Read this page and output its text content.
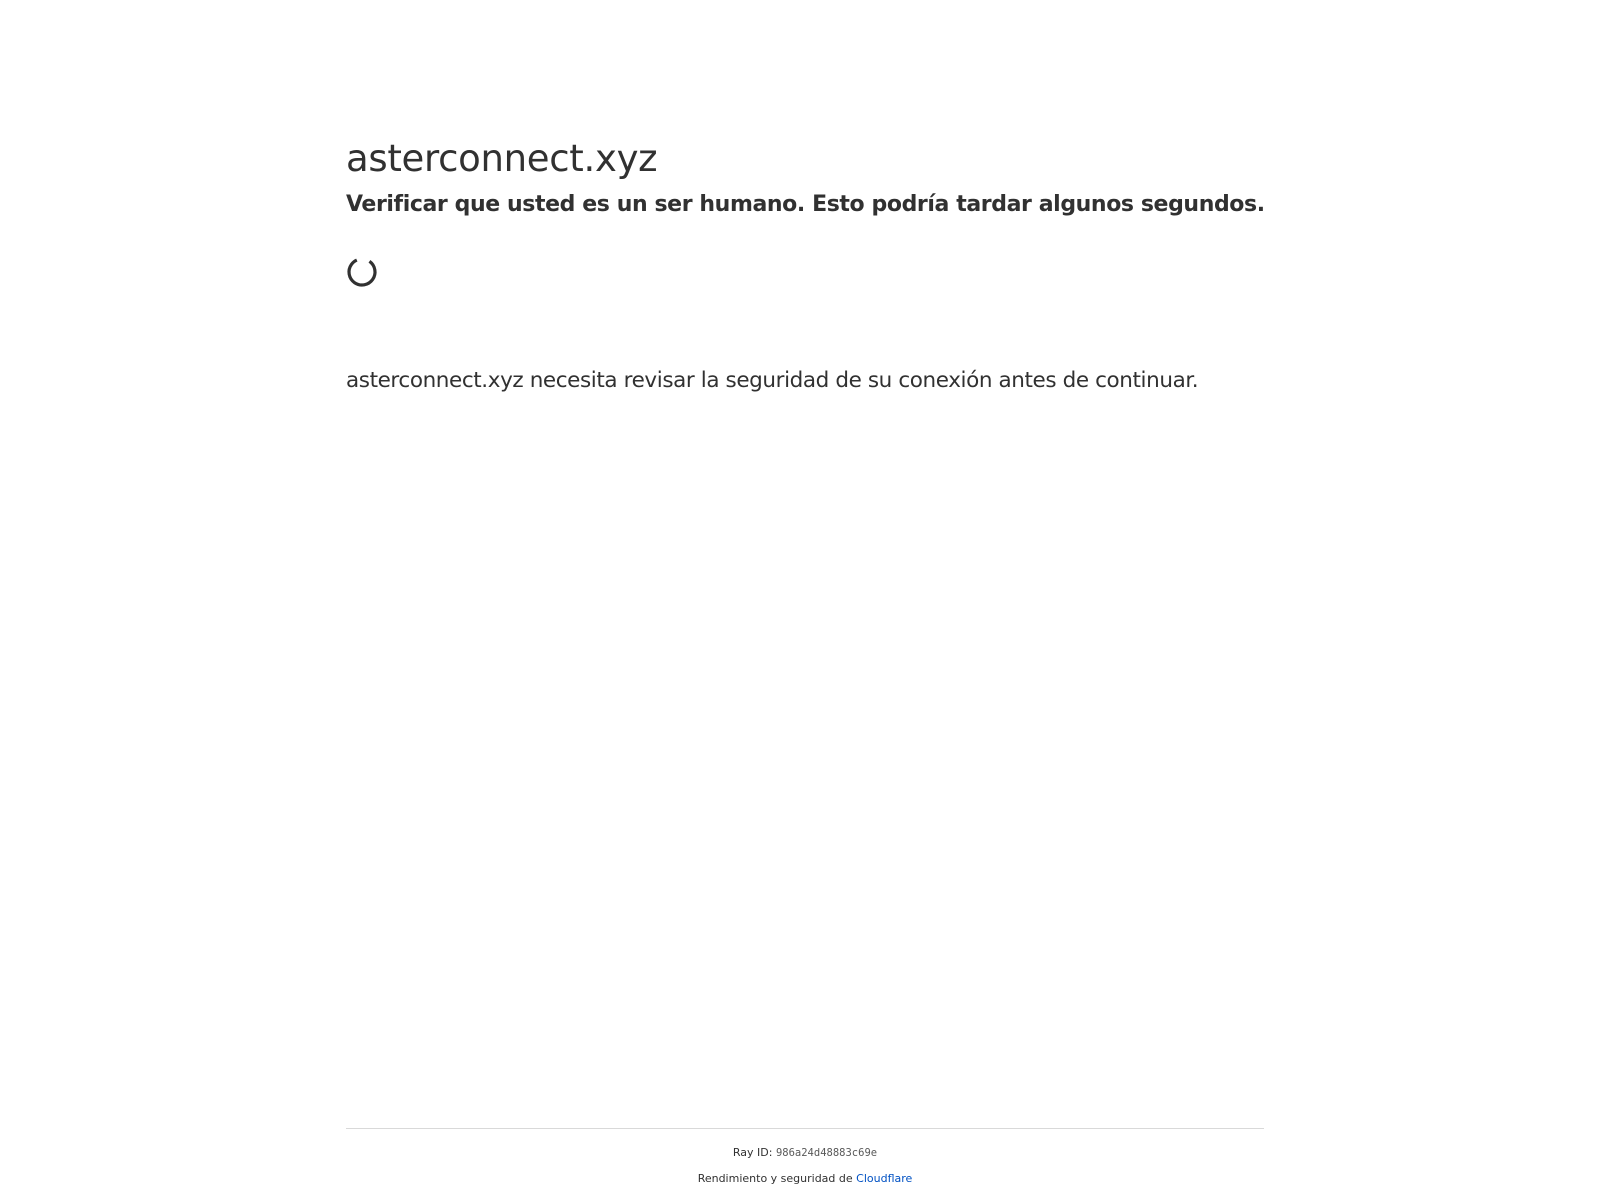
asterconnect.xyz
Verificar que usted es un ser humano. Esto podría tardar algunos segundos.

asterconnect.xyz necesita revisar la seguridad de su conexión antes de continuar.

Ray ID: 986a24d48883c69e
Rendimiento y seguridad de Cloudflare
